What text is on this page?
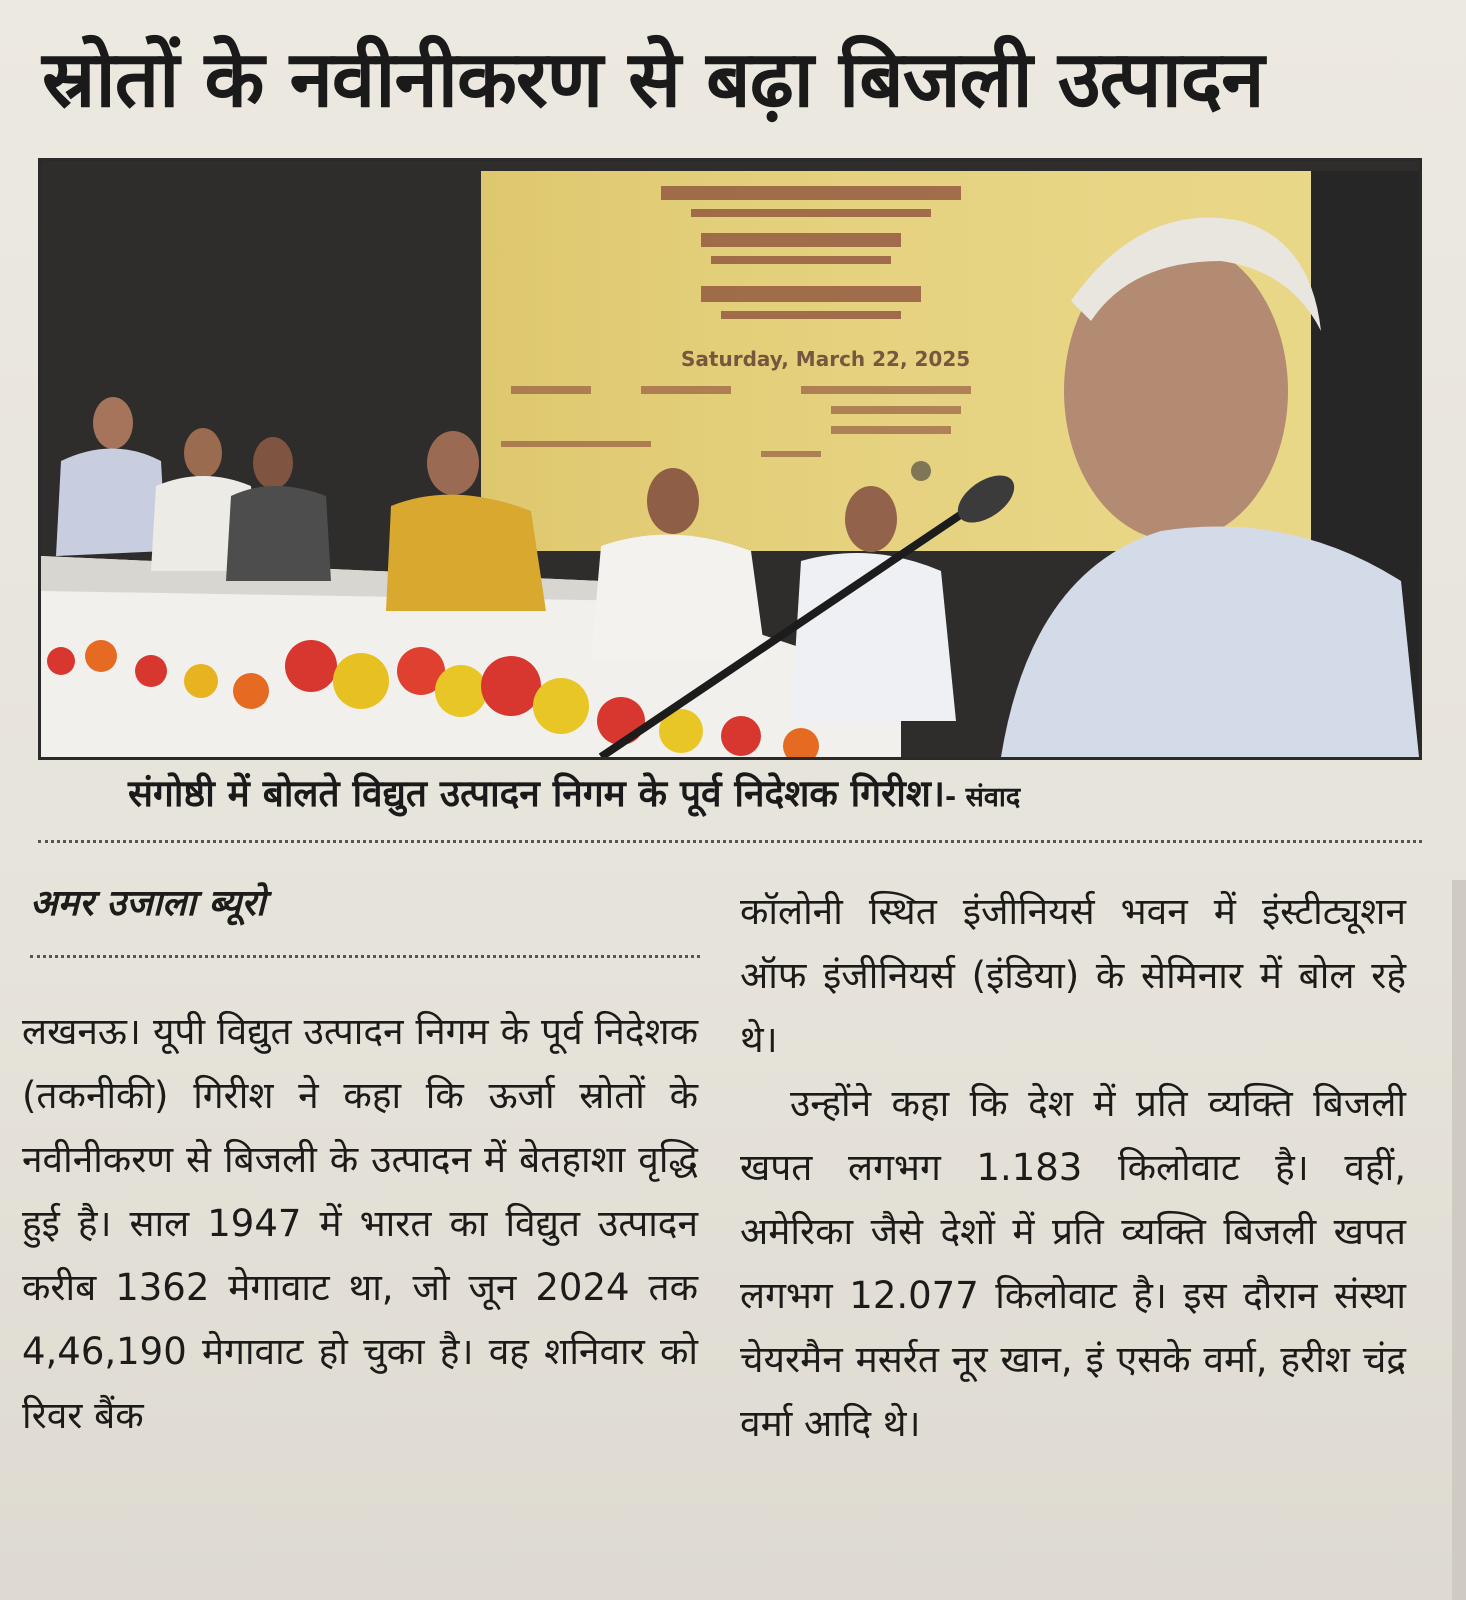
स्रोतों के नवीनीकरण से बढ़ा बिजली उत्पादन
Saturday, March 22, 2025
संगोष्ठी में बोलते विद्युत उत्पादन निगम के पूर्व निदेशक गिरीश।- संवाद
अमर उजाला ब्यूरो

लखनऊ। यूपी विद्युत उत्पादन निगम के पूर्व निदेशक (तकनीकी) गिरीश ने कहा कि ऊर्जा स्रोतों के नवीनीकरण से बिजली के उत्पादन में बेतहाशा वृद्धि हुई है। साल 1947 में भारत का विद्युत उत्पादन करीब 1362 मेगावाट था, जो जून 2024 तक 4,46,190 मेगावाट हो चुका है। वह शनिवार को रिवर बैंक

कॉलोनी स्थित इंजीनियर्स भवन में इंस्टीट्यूशन ऑफ इंजीनियर्स (इंडिया) के सेमिनार में बोल रहे थे।

उन्होंने कहा कि देश में प्रति व्यक्ति बिजली खपत लगभग 1.183 किलोवाट है। वहीं, अमेरिका जैसे देशों में प्रति व्यक्ति बिजली खपत लगभग 12.077 किलोवाट है। इस दौरान संस्था चेयरमैन मसर्रत नूर खान, इं एसके वर्मा, हरीश चंद्र वर्मा आदि थे।
